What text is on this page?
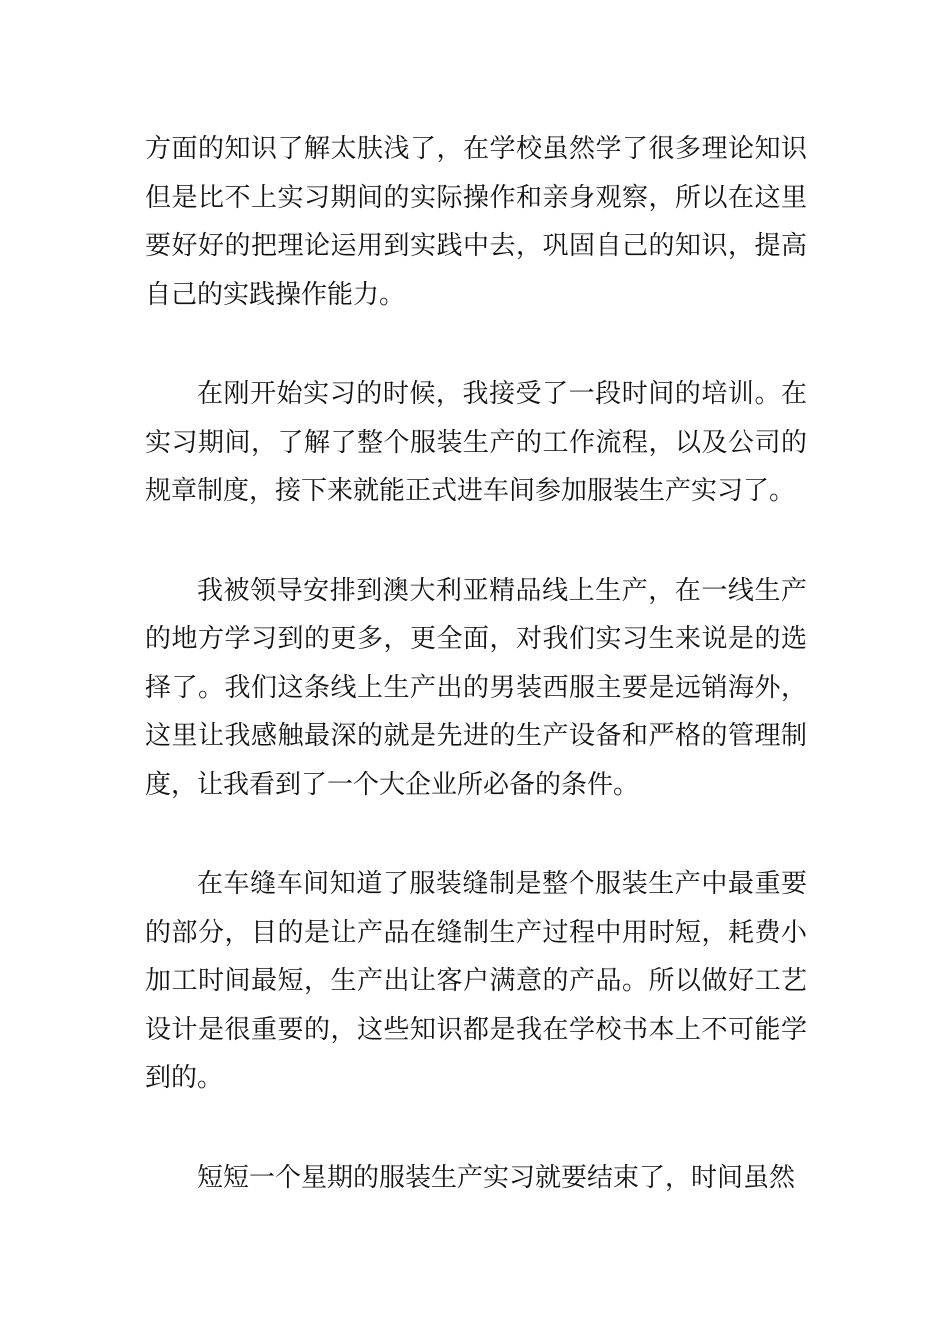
方面的知识了解太肤浅了，在学校虽然学了很多理论知识但是比不上实习期间的实际操作和亲身观察，所以在这里要好好的把理论运用到实践中去，巩固自己的知识，提高自己的实践操作能力。

在刚开始实习的时候，我接受了一段时间的培训。在实习期间，了解了整个服装生产的工作流程，以及公司的规章制度，接下来就能正式进车间参加服装生产实习了。

我被领导安排到澳大利亚精品线上生产，在一线生产的地方学习到的更多，更全面，对我们实习生来说是的选择了。我们这条线上生产出的男装西服主要是远销海外，这里让我感触最深的就是先进的生产设备和严格的管理制度，让我看到了一个大企业所必备的条件。

在车缝车间知道了服装缝制是整个服装生产中最重要的部分，目的是让产品在缝制生产过程中用时短，耗费小加工时间最短，生产出让客户满意的产品。所以做好工艺设计是很重要的，这些知识都是我在学校书本上不可能学到的。

短短一个星期的服装生产实习就要结束了，时间虽然
